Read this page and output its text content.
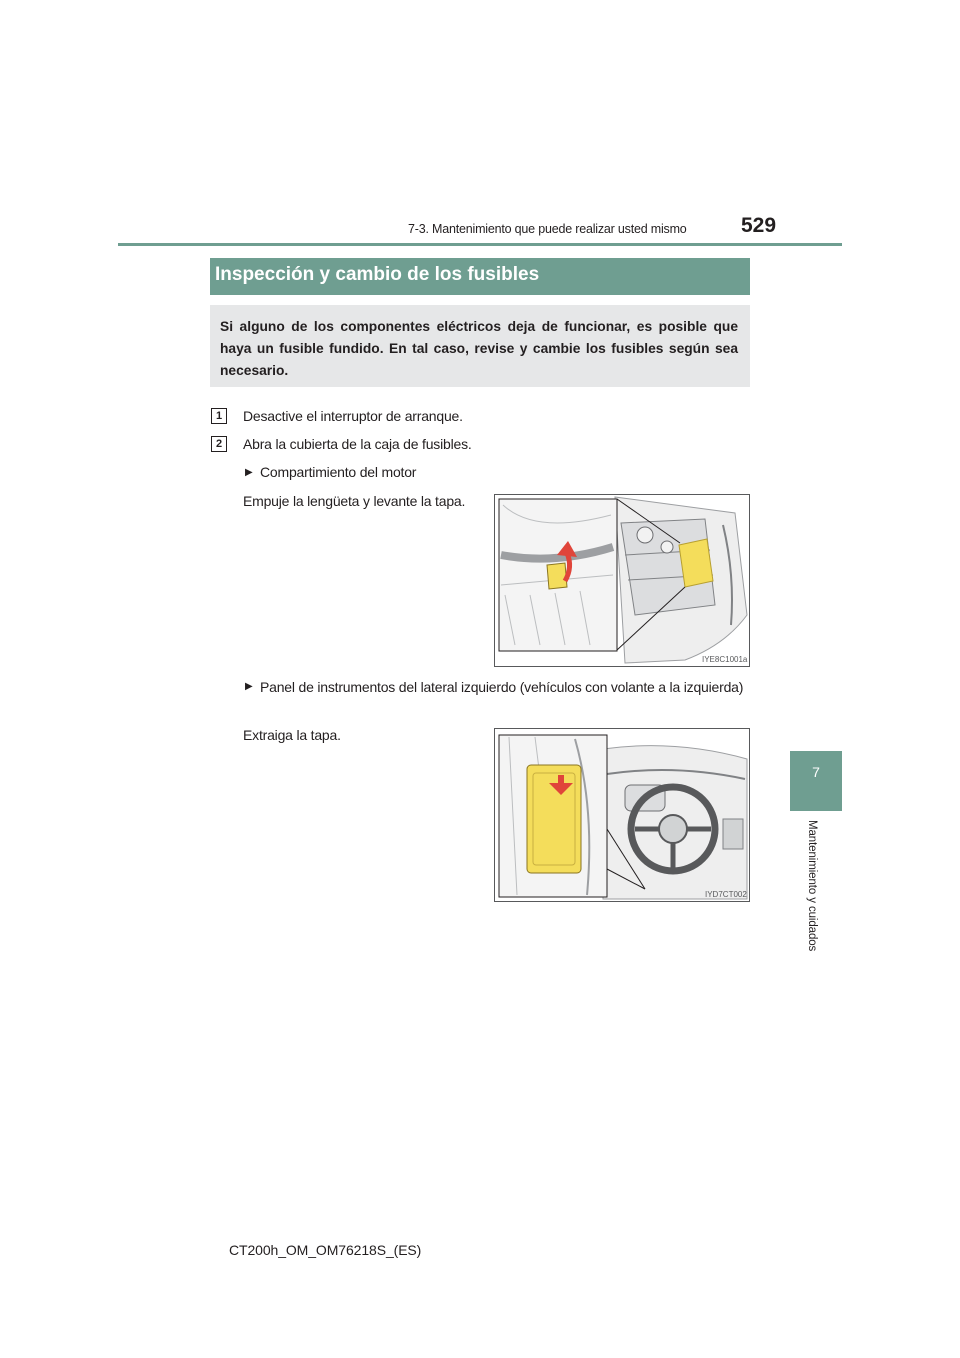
7-3. Mantenimiento que puede realizar usted mismo	529
7
Mantenimiento y cuidados
Inspección y cambio de los fusibles
Si alguno de los componentes eléctricos deja de funcionar, es posible que haya un fusible fundido. En tal caso, revise y cambie los fusibles según sea necesario.
1	Desactive el interruptor de arranque.
2	Abra la cubierta de la caja de fusibles.
▶ Compartimiento del motor
Empuje la lengüeta y levante la tapa.
IYE8C1001a
▶ Panel de instrumentos del lateral izquierdo (vehículos con volante a la izquierda)
Extraiga la tapa.
IYD7CT002
CT200h_OM_OM76218S_(ES)
